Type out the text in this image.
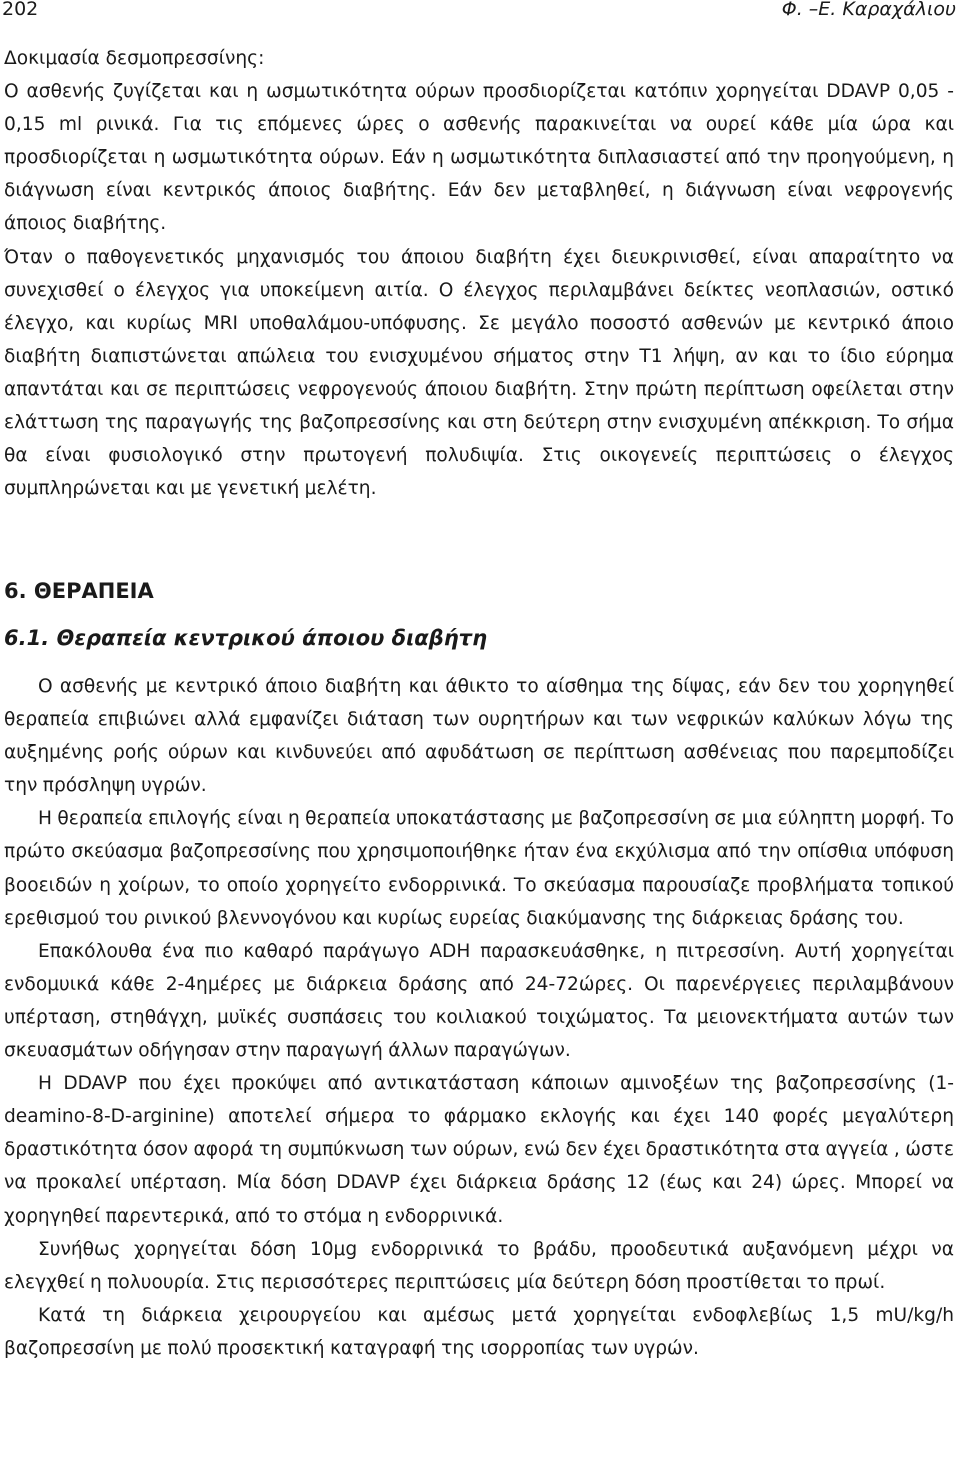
202	Φ. –Ε. Καραχάλιου

Δοκιμασία δεσμοπρεσσίνης:

Ο ασθενής ζυγίζεται και η ωσμωτικότητα ούρων προσδιορίζεται κατόπιν χορηγείται DDAVP 0,05 - 0,15 ml ρινικά. Για τις επόμενες ώρες ο ασθενής παρακινείται να ουρεί κάθε μία ώρα και προσδιορίζεται η ωσμωτικότητα ούρων. Εάν η ωσμωτικότητα διπλασιαστεί από την προηγούμενη, η διάγνωση είναι κεντρικός άποιος διαβήτης. Εάν δεν μεταβληθεί, η διάγνωση είναι νεφρογενής άποιος διαβήτης.

Όταν ο παθογενετικός μηχανισμός του άποιου διαβήτη έχει διευκρινισθεί, είναι απαραίτητο να συνεχισθεί ο έλεγχος για υποκείμενη αιτία. Ο έλεγχος περιλαμβάνει δείκτες νεοπλασιών, οστικό έλεγχο, και κυρίως MRI υποθαλάμου-υπόφυσης. Σε μεγάλο ποσοστό ασθενών με κεντρικό άποιο διαβήτη διαπιστώνεται απώλεια του ενισχυμένου σήματος στην Τ1 λήψη, αν και το ίδιο εύρημα απαντάται και σε περιπτώσεις νεφρογενούς άποιου διαβήτη. Στην πρώτη περίπτωση οφείλεται στην ελάττωση της παραγωγής της βαζοπρεσσίνης και στη δεύτερη στην ενισχυμένη απέκκριση. Το σήμα θα είναι φυσιολογικό στην πρωτογενή πολυδιψία. Στις οικογενείς περιπτώσεις ο έλεγχος συμπληρώνεται και με γενετική μελέτη.

6. ΘΕΡΑΠΕΙΑ
6.1. Θεραπεία κεντρικού άποιου διαβήτη

Ο ασθενής με κεντρικό άποιο διαβήτη και άθικτο το αίσθημα της δίψας, εάν δεν του χορηγηθεί θεραπεία επιβιώνει αλλά εμφανίζει διάταση των ουρητήρων και των νεφρικών καλύκων λόγω της αυξημένης ροής ούρων και κινδυνεύει από αφυδάτωση σε περίπτωση ασθένειας που παρεμποδίζει την πρόσληψη υγρών.

Η θεραπεία επιλογής είναι η θεραπεία υποκατάστασης με βαζοπρεσσίνη σε μια εύληπτη μορφή. Το πρώτο σκεύασμα βαζοπρεσσίνης που χρησιμοποιήθηκε ήταν ένα εκχύλισμα από την οπίσθια υπόφυση βοοειδών η χοίρων, το οποίο χορηγείτο ενδορρινικά. Το σκεύασμα παρουσίαζε προβλήματα τοπικού ερεθισμού του ρινικού βλεννογόνου και κυρίως ευρείας διακύμανσης της διάρκειας δράσης του.

Επακόλουθα ένα πιο καθαρό παράγωγο ADH παρασκευάσθηκε, η πιτρεσσίνη. Αυτή χορηγείται ενδομυικά κάθε 2-4ημέρες με διάρκεια δράσης από 24-72ώρες. Οι παρενέργειες περιλαμβάνουν υπέρταση, στηθάγχη, μυϊκές συσπάσεις του κοιλιακού τοιχώματος. Τα μειονεκτήματα αυτών των σκευασμάτων οδήγησαν στην παραγωγή άλλων παραγώγων.

Η DDAVP που έχει προκύψει από αντικατάσταση κάποιων αμινοξέων της βαζοπρεσσίνης (1-deamino-8-D-arginine) αποτελεί σήμερα το φάρμακο εκλογής και έχει 140 φορές μεγαλύτερη δραστικότητα όσον αφορά τη συμπύκνωση των ούρων, ενώ δεν έχει δραστικότητα στα αγγεία , ώστε να προκαλεί υπέρταση. Μία δόση DDAVP έχει διάρκεια δράσης 12 (έως και 24) ώρες. Μπορεί να χορηγηθεί παρεντερικά, από το στόμα η ενδορρινικά.

Συνήθως χορηγείται δόση 10μg ενδορρινικά το βράδυ, προοδευτικά αυξανόμενη μέχρι να ελεγχθεί η πολυουρία. Στις περισσότερες περιπτώσεις μία δεύτερη δόση προστίθεται το πρωί.

Κατά τη διάρκεια χειρουργείου και αμέσως μετά χορηγείται ενδοφλεβίως 1,5 mU/kg/h βαζοπρεσσίνη με πολύ προσεκτική καταγραφή της ισορροπίας των υγρών.
